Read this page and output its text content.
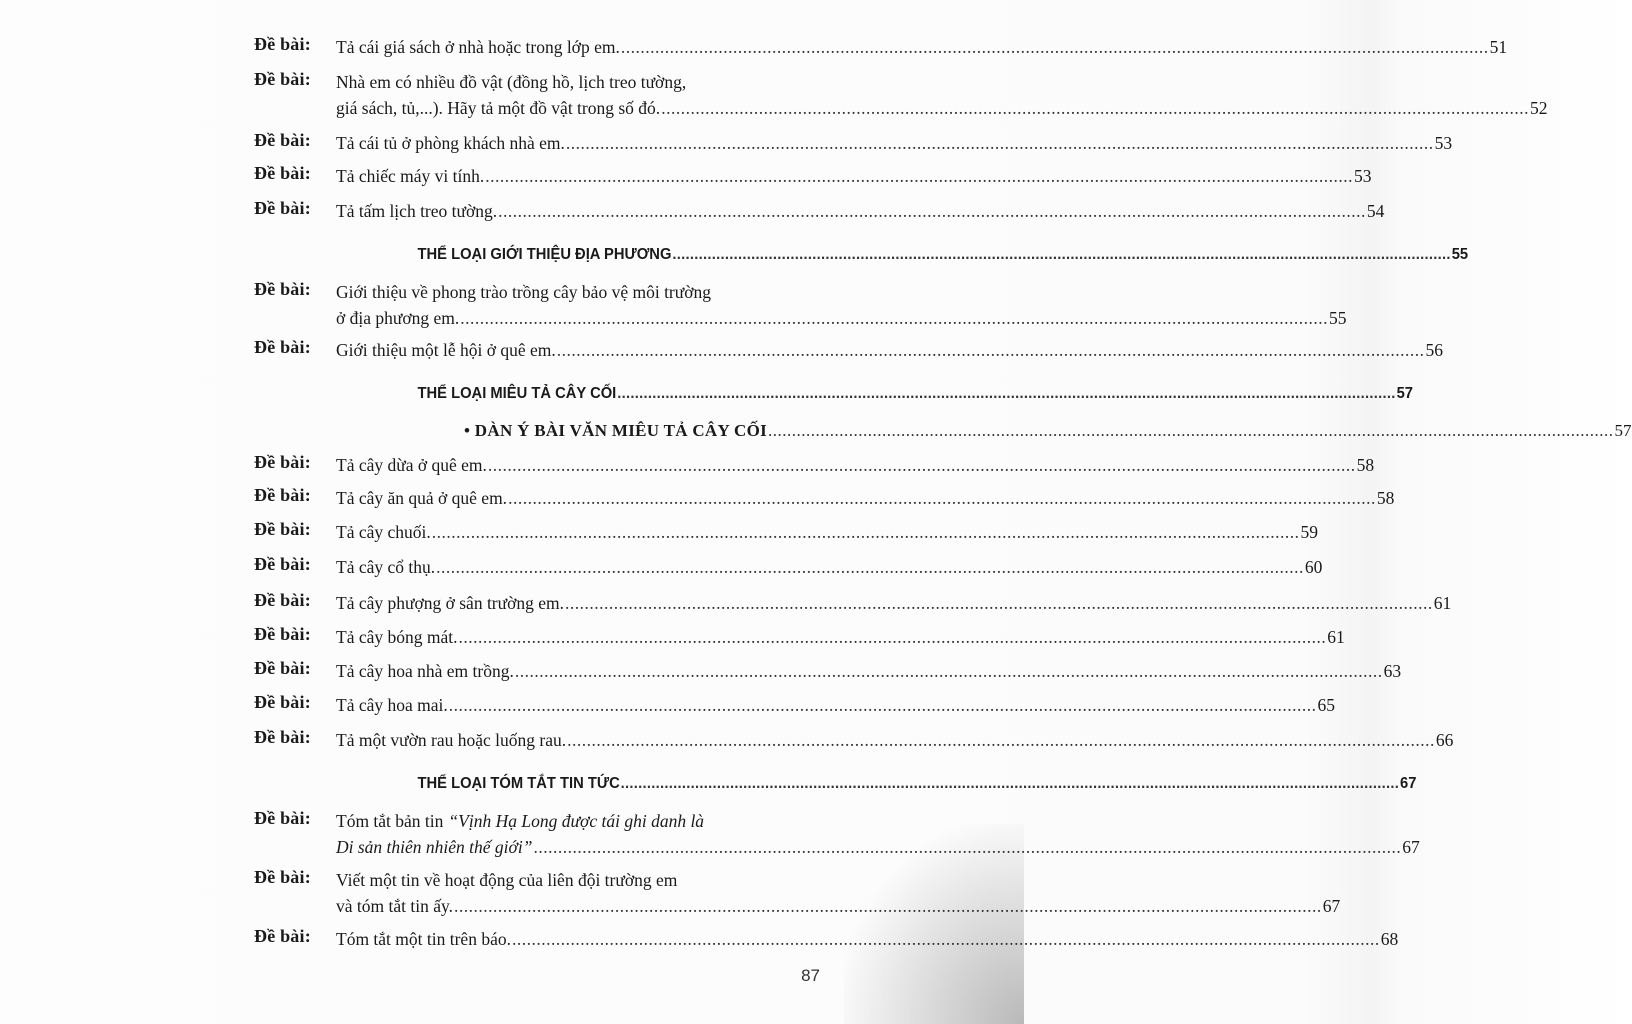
Đề bài:	Tả cái giá sách ở nhà hoặc trong lớp em. .....	51
Đề bài:	Nhà em có nhiều đồ vật (đồng hồ, lịch treo tường,
giá sách, tủ,...). Hãy tả một đồ vật trong số đó. .....	52
Đề bài:	Tả cái tủ ở phòng khách nhà em. .....	53
Đề bài:	Tả chiếc máy vi tính. .....	53
Đề bài:	Tả tấm lịch treo tường. .....	54
THỂ LOẠI GIỚI THIỆU ĐỊA PHƯƠNG .....	55
Đề bài:	Giới thiệu về phong trào trồng cây bảo vệ môi trường
ở địa phương em. .....	55
Đề bài:	Giới thiệu một lễ hội ở quê em. .....	56
THỂ LOẠI MIÊU TẢ CÂY CỐI .....	57
• DÀN Ý BÀI VĂN MIÊU TẢ CÂY CỐI .....	57
Đề bài:	Tả cây dừa ở quê em. .....	58
Đề bài:	Tả cây ăn quả ở quê em. .....	58
Đề bài:	Tả cây chuối. .....	59
Đề bài:	Tả cây cổ thụ. .....	60
Đề bài:	Tả cây phượng ở sân trường em. .....	61
Đề bài:	Tả cây bóng mát. .....	61
Đề bài:	Tả cây hoa nhà em trồng. .....	63
Đề bài:	Tả cây hoa mai. .....	65
Đề bài:	Tả một vườn rau hoặc luống rau. .....	66
THỂ LOẠI TÓM TẮT TIN TỨC .....	67
Đề bài:	Tóm tắt bản tin “Vịnh Hạ Long được tái ghi danh là
Di sản thiên nhiên thế giới” .....	67
Đề bài:	Viết một tin về hoạt động của liên đội trường em
và tóm tắt tin ấy. .....	67
Đề bài:	Tóm tắt một tin trên báo. .....	68
87
